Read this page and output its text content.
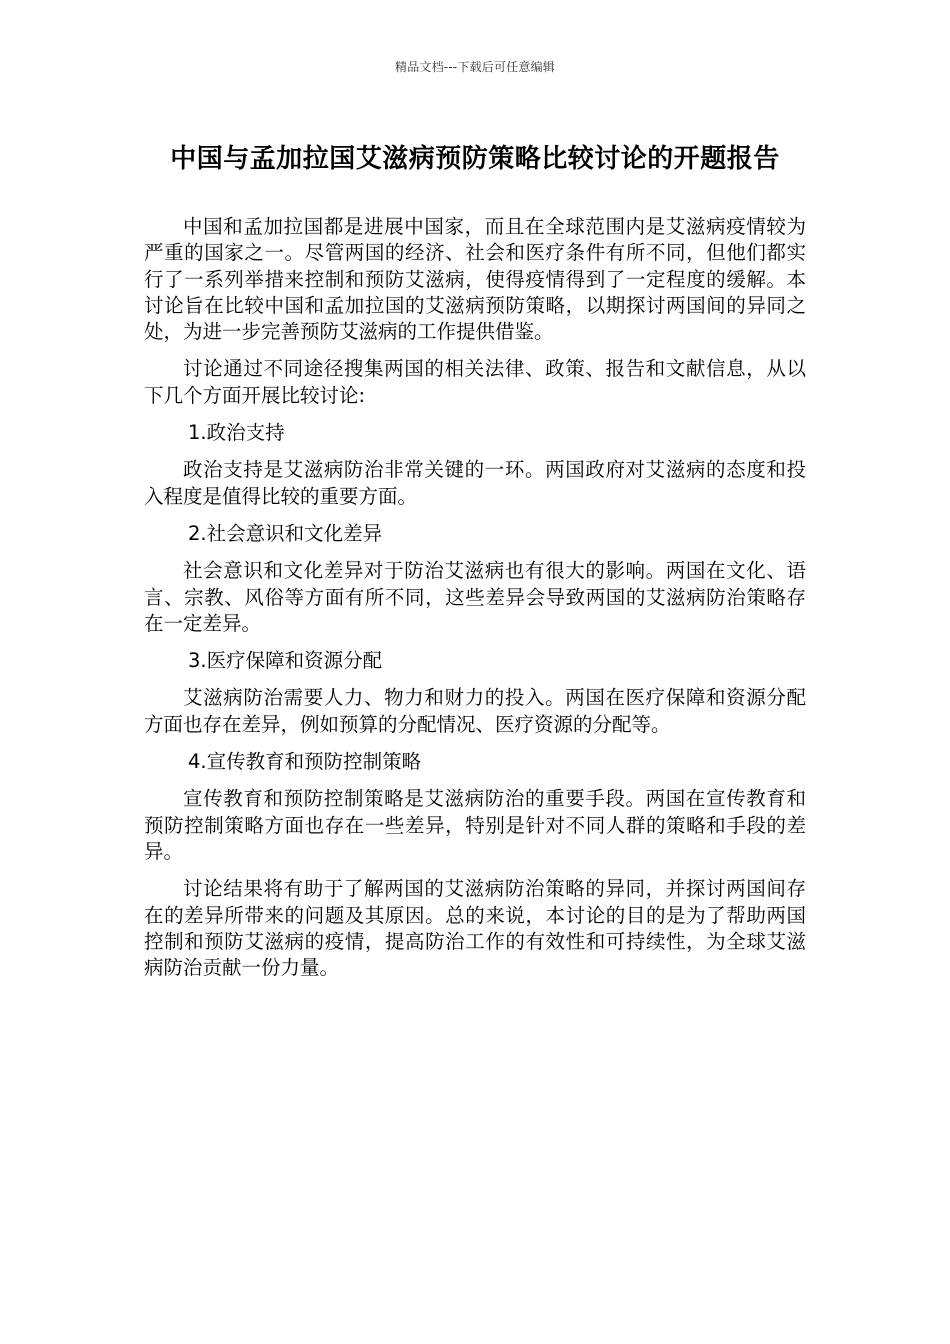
精品文档---下载后可任意编辑
中国与孟加拉国艾滋病预防策略比较讨论的开题报告

中国和孟加拉国都是进展中国家，而且在全球范围内是艾滋病疫情较为严重的国家之一。尽管两国的经济、社会和医疗条件有所不同，但他们都实行了一系列举措来控制和预防艾滋病，使得疫情得到了一定程度的缓解。本讨论旨在比较中国和孟加拉国的艾滋病预防策略，以期探讨两国间的异同之处，为进一步完善预防艾滋病的工作提供借鉴。

讨论通过不同途径搜集两国的相关法律、政策、报告和文献信息，从以下几个方面开展比较讨论:

1.政治支持

政治支持是艾滋病防治非常关键的一环。两国政府对艾滋病的态度和投入程度是值得比较的重要方面。

2.社会意识和文化差异

社会意识和文化差异对于防治艾滋病也有很大的影响。两国在文化、语言、宗教、风俗等方面有所不同，这些差异会导致两国的艾滋病防治策略存在一定差异。

3.医疗保障和资源分配

艾滋病防治需要人力、物力和财力的投入。两国在医疗保障和资源分配方面也存在差异，例如预算的分配情况、医疗资源的分配等。

4.宣传教育和预防控制策略

宣传教育和预防控制策略是艾滋病防治的重要手段。两国在宣传教育和预防控制策略方面也存在一些差异，特别是针对不同人群的策略和手段的差异。

讨论结果将有助于了解两国的艾滋病防治策略的异同，并探讨两国间存在的差异所带来的问题及其原因。总的来说，本讨论的目的是为了帮助两国控制和预防艾滋病的疫情，提高防治工作的有效性和可持续性，为全球艾滋病防治贡献一份力量。
